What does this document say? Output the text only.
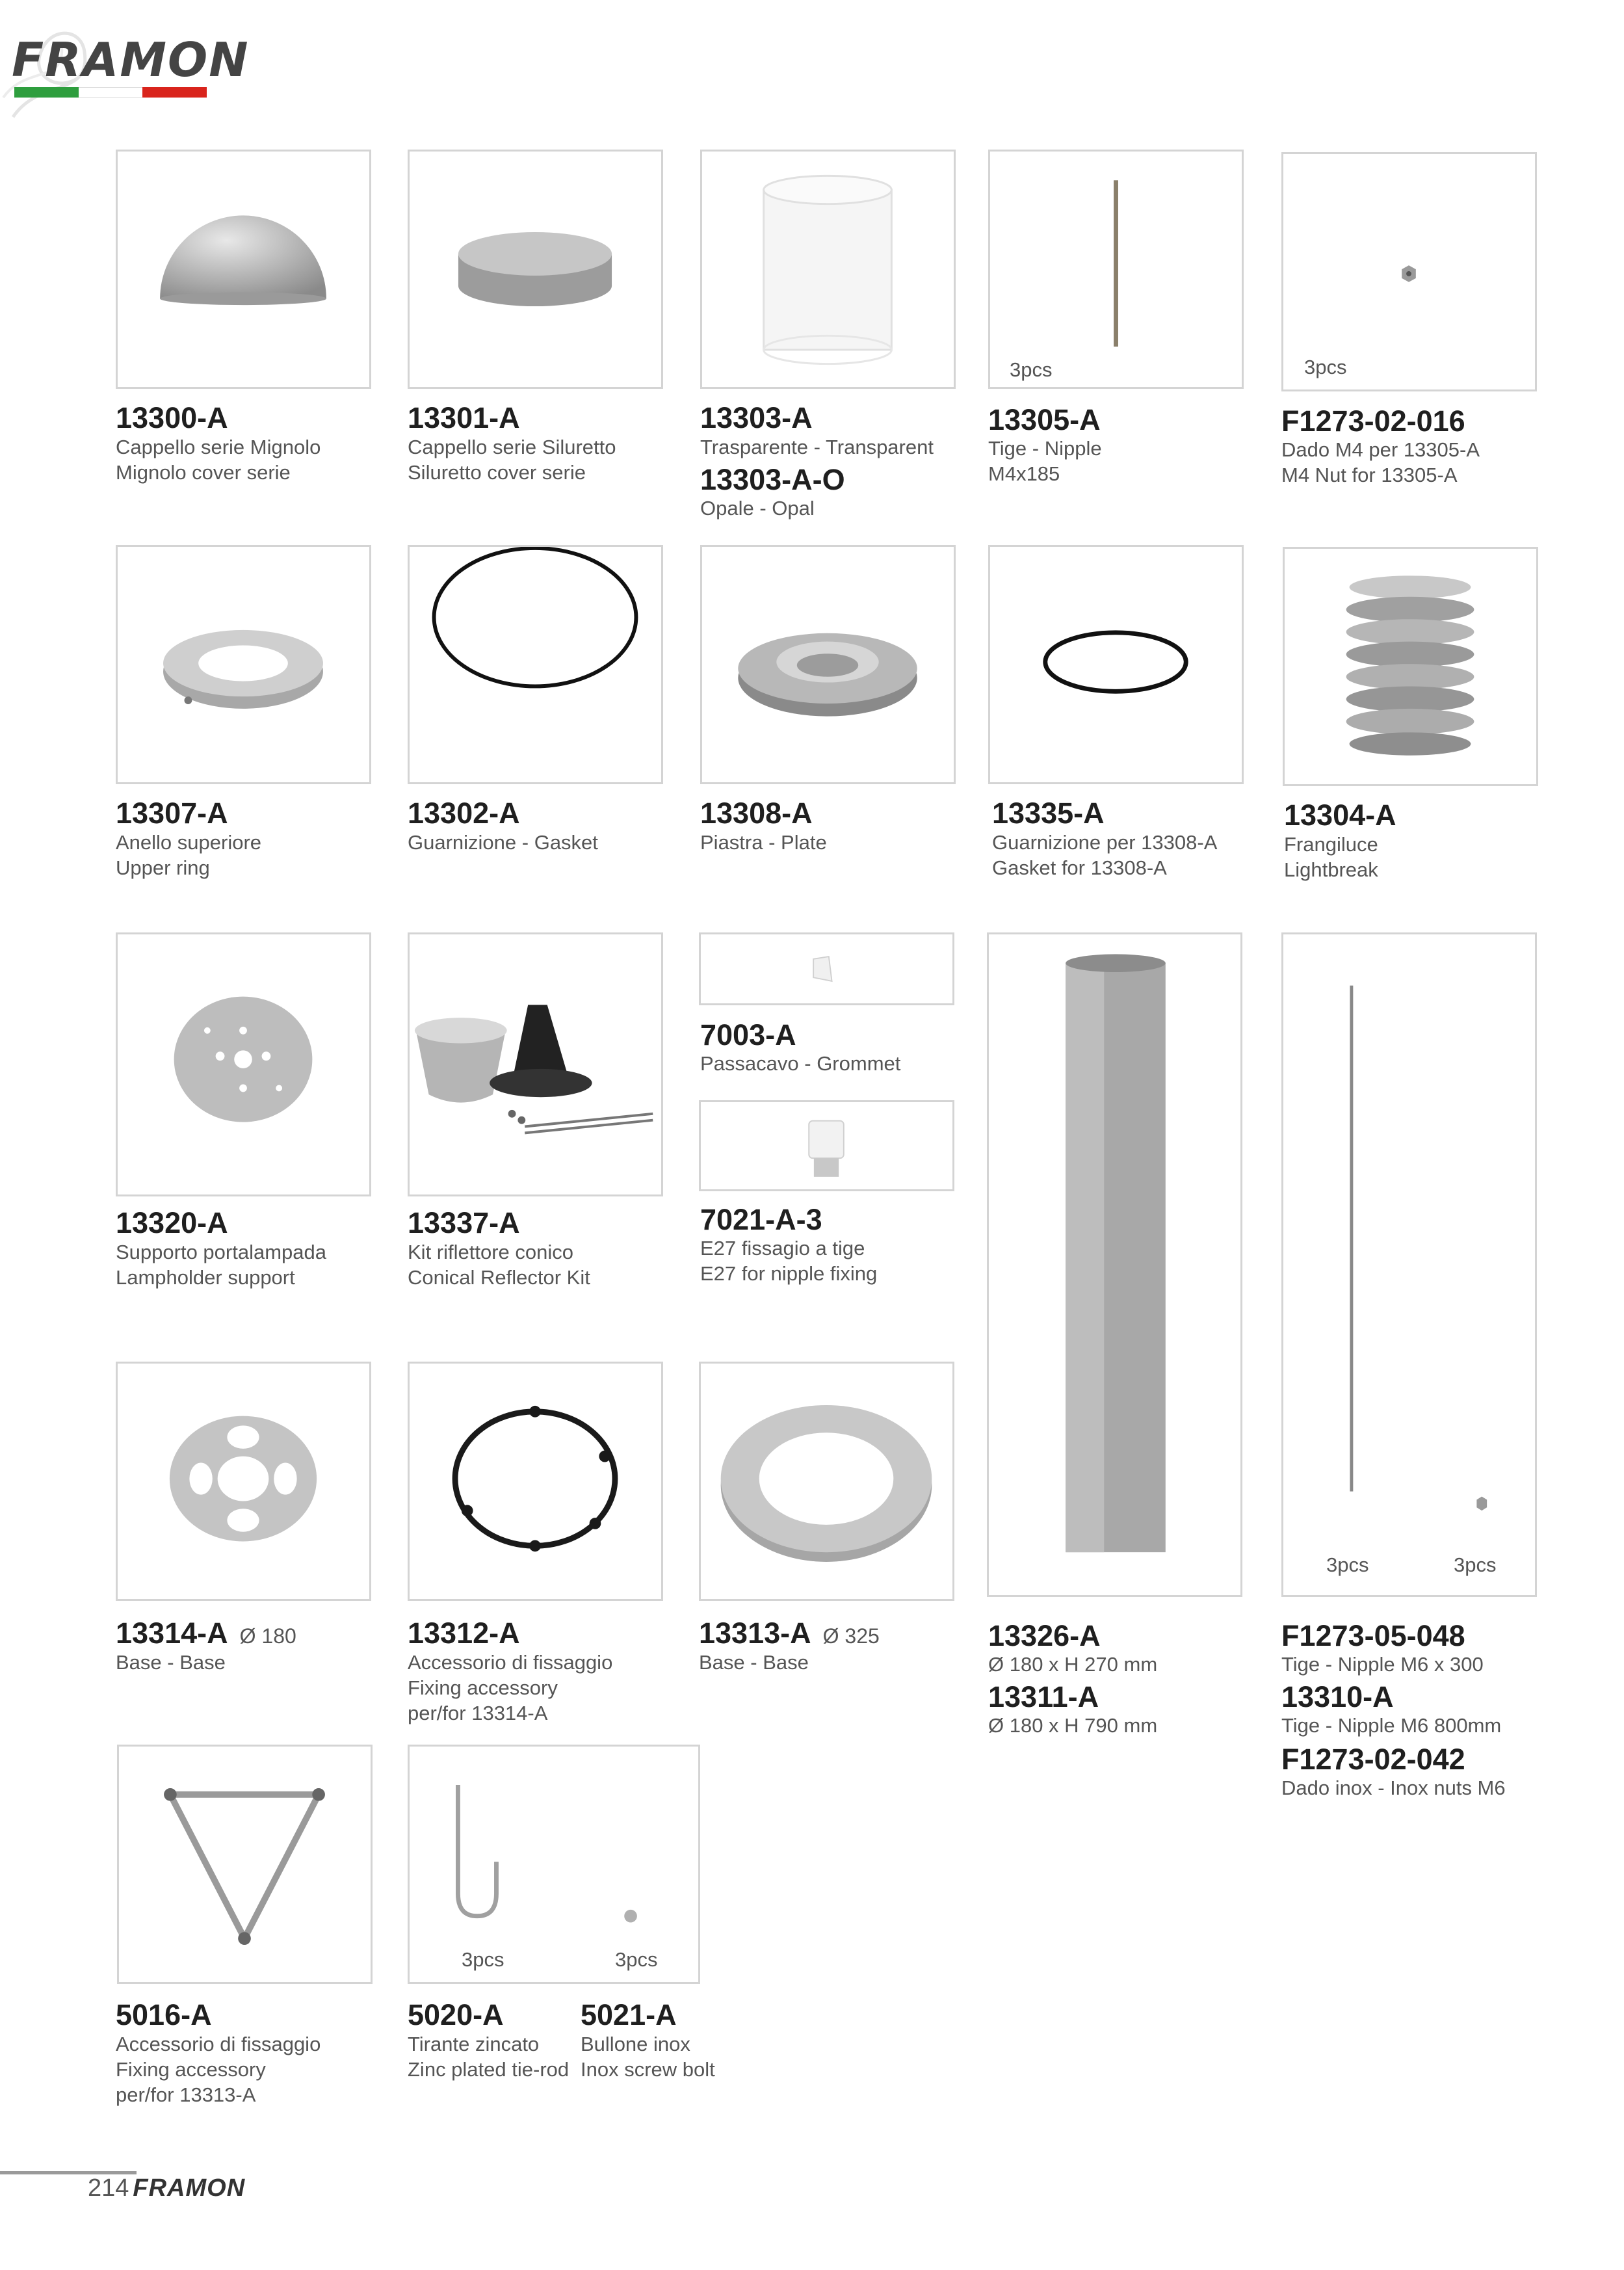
FRAMON
3pcs	3pcs
13300-A
Cappello serie Mignolo
Mignolo cover serie
13301-A
Cappello serie Siluretto
Siluretto cover serie
13303-A
Trasparente - Transparent
13303-A-O
Opale - Opal
13305-A
Tige - Nipple
M4x185
F1273-02-016
Dado M4 per 13305-A
M4 Nut for 13305-A
13307-A
Anello superiore
Upper ring
13302-A
Guarnizione - Gasket
13308-A
Piastra - Plate
13335-A
Guarnizione per 13308-A
Gasket for 13308-A
13304-A
Frangiluce
Lightbreak
3pcs	3pcs
13320-A
Supporto portalampada
Lampholder support
13337-A
Kit riflettore conico
Conical Reflector Kit
7003-A
Passacavo - Grommet
7021-A-3
E27 fissagio a tige
E27 for nipple fixing
13314-A Ø 180
Base - Base
13312-A
Accessorio di fissaggio
Fixing accessory
per/for 13314-A
13313-A Ø 325
Base - Base
13326-A
Ø 180 x H 270 mm
13311-A
Ø 180 x H 790 mm
F1273-05-048
Tige - Nipple M6 x 300
13310-A
Tige - Nipple M6 800mm
F1273-02-042
Dado inox - Inox nuts M6
3pcs	3pcs
5016-A
Accessorio di fissaggio
Fixing accessory
per/for 13313-A
5020-A
Tirante zincato
Zinc plated tie-rod
5021-A
Bullone inox
Inox screw bolt
214 FRAMON
